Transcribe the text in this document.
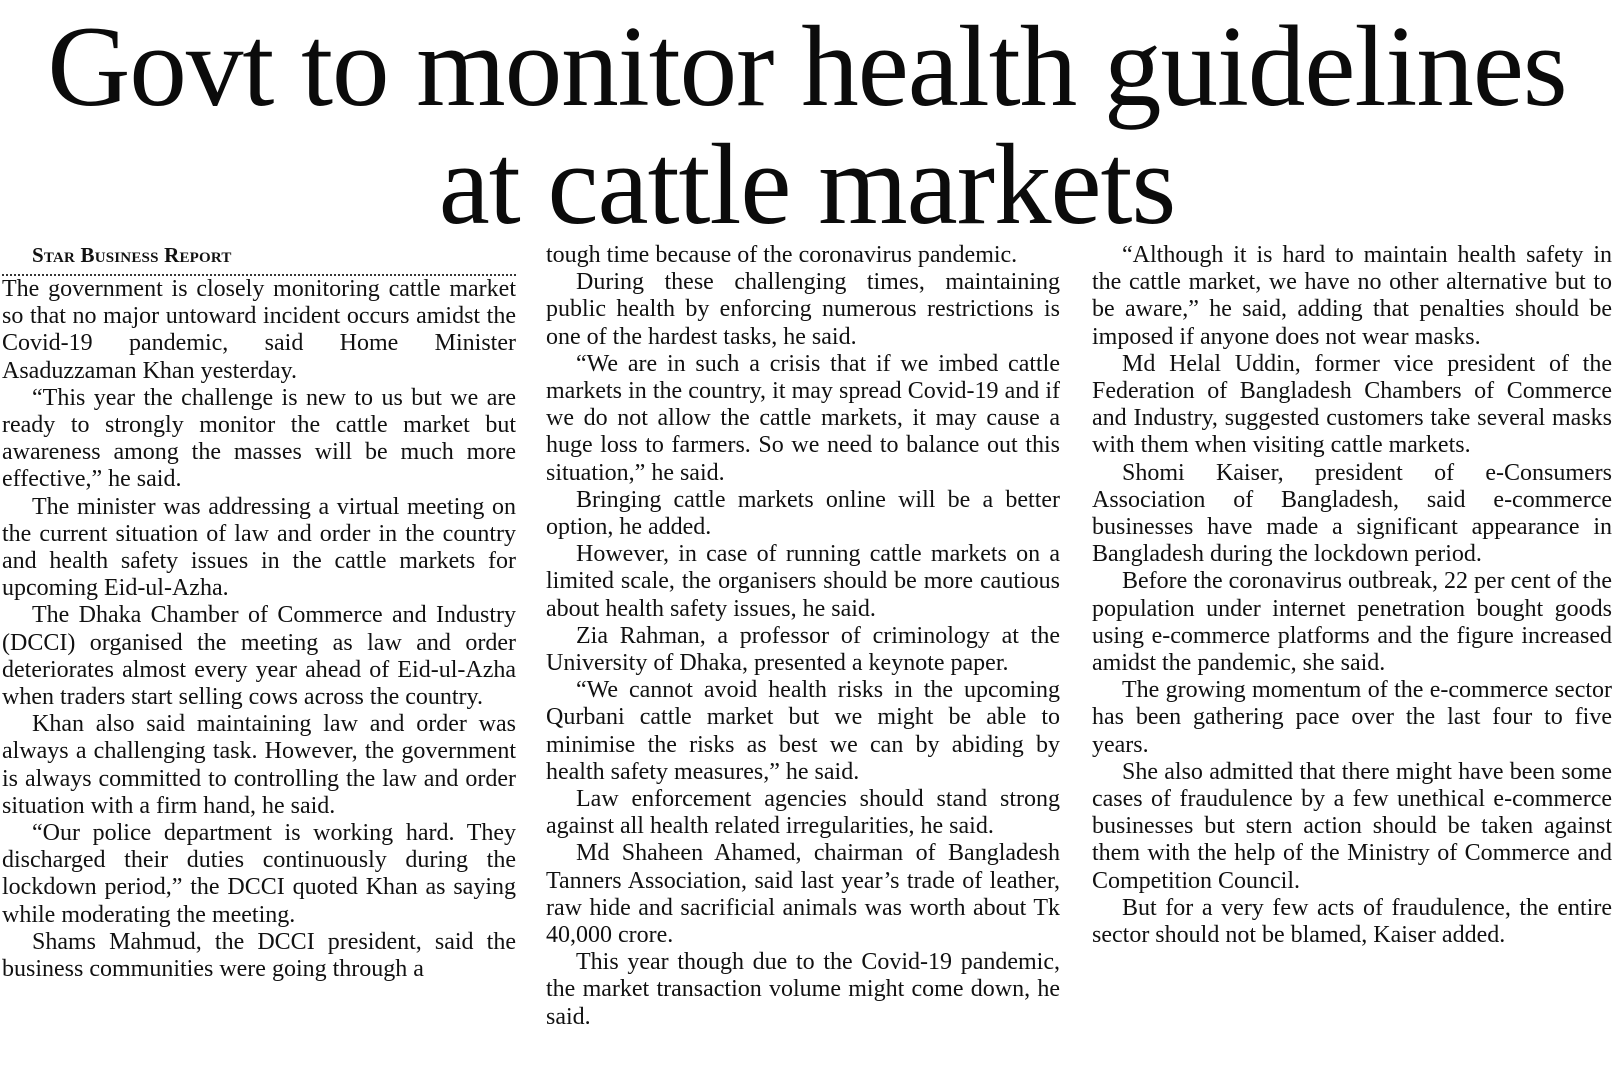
Govt to monitor health guidelines
at cattle markets

Star Business Report

The government is closely monitoring cattle market so that no major untoward incident occurs amidst the Covid-19 pandemic, said Home Minister Asaduzzaman Khan yesterday.

“This year the challenge is new to us but we are ready to strongly monitor the cattle market but awareness among the masses will be much more effective,” he said.

The minister was addressing a virtual meeting on the current situation of law and order in the country and health safety issues in the cattle markets for upcoming Eid-ul-Azha.

The Dhaka Chamber of Commerce and Industry (DCCI) organised the meeting as law and order deteriorates almost every year ahead of Eid-ul-Azha when traders start selling cows across the country.

Khan also said maintaining law and order was always a challenging task. However, the government is always committed to controlling the law and order situation with a firm hand, he said.

“Our police department is working hard. They discharged their duties continuously during the lockdown period,” the DCCI quoted Khan as saying while moderating the meeting.

Shams Mahmud, the DCCI president, said the business communities were going through a

tough time because of the coronavirus pandemic.

During these challenging times, maintaining public health by enforcing numerous restrictions is one of the hardest tasks, he said.

“We are in such a crisis that if we imbed cattle markets in the country, it may spread Covid-19 and if we do not allow the cattle markets, it may cause a huge loss to farmers. So we need to balance out this situation,” he said.

Bringing cattle markets online will be a better option, he added.

However, in case of running cattle markets on a limited scale, the organisers should be more cautious about health safety issues, he said.

Zia Rahman, a professor of criminology at the University of Dhaka, presented a keynote paper.

“We cannot avoid health risks in the upcoming Qurbani cattle market but we might be able to minimise the risks as best we can by abiding by health safety measures,” he said.

Law enforcement agencies should stand strong against all health related irregularities, he said.

Md Shaheen Ahamed, chairman of Bangladesh Tanners Association, said last year’s trade of leather, raw hide and sacrificial animals was worth about Tk 40,000 crore.

This year though due to the Covid-19 pandemic, the market transaction volume might come down, he said.

“Although it is hard to maintain health safety in the cattle market, we have no other alternative but to be aware,” he said, adding that penalties should be imposed if anyone does not wear masks.

Md Helal Uddin, former vice president of the Federation of Bangladesh Chambers of Commerce and Industry, suggested customers take several masks with them when visiting cattle markets.

Shomi Kaiser, president of e-Consumers Association of Bangladesh, said e-commerce businesses have made a significant appearance in Bangladesh during the lockdown period.

Before the coronavirus outbreak, 22 per cent of the population under internet penetration bought goods using e-commerce platforms and the figure increased amidst the pandemic, she said.

The growing momentum of the e-commerce sector has been gathering pace over the last four to five years.

She also admitted that there might have been some cases of fraudulence by a few unethical e-commerce businesses but stern action should be taken against them with the help of the Ministry of Commerce and Competition Council.

But for a very few acts of fraudulence, the entire sector should not be blamed, Kaiser added.
